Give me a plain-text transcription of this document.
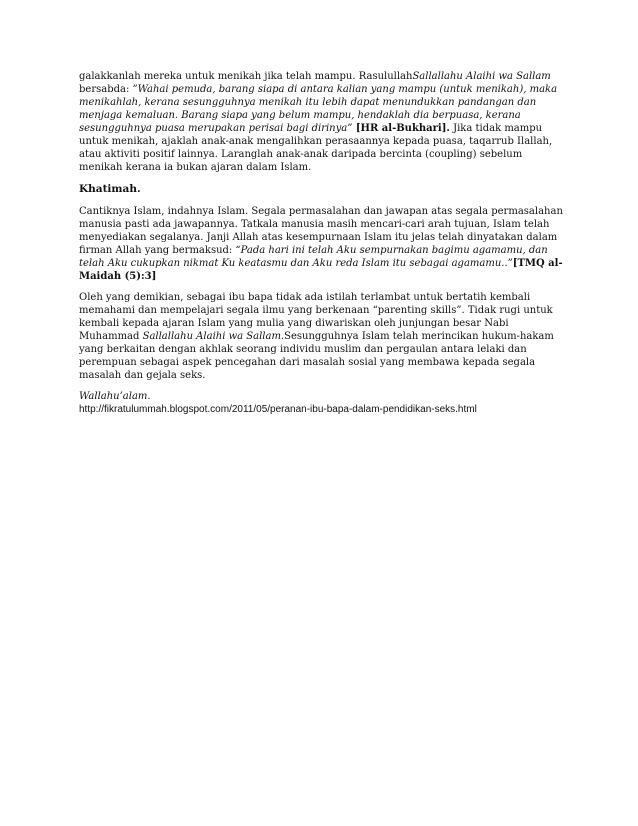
galakkanlah mereka untuk menikah jika telah mampu. RasulullahSallallahu Alaihi wa Sallam bersabda: ”Wahai pemuda, barang siapa di antara kalian yang mampu (untuk menikah), maka menikahlah, kerana sesungguhnya menikah itu lebih dapat menundukkan pandangan dan menjaga kemaluan. Barang siapa yang belum mampu, hendaklah dia berpuasa, kerana sesungguhnya puasa merupakan perisai bagi dirinya” [HR al-Bukhari]. Jika tidak mampu untuk menikah, ajaklah anak-anak mengalihkan perasaannya kepada puasa, taqarrub Ilallah, atau aktiviti positif lainnya. Laranglah anak-anak daripada bercinta (coupling) sebelum menikah kerana ia bukan ajaran dalam Islam.

Khatimah.

Cantiknya Islam, indahnya Islam. Segala permasalahan dan jawapan atas segala permasalahan manusia pasti ada jawapannya. Tatkala manusia masih mencari-cari arah tujuan, Islam telah menyediakan segalanya. Janji Allah atas kesempurnaan Islam itu jelas telah dinyatakan dalam firman Allah yang bermaksud: “Pada hari ini telah Aku sempurnakan bagimu agamamu, dan telah Aku cukupkan nikmat Ku keatasmu dan Aku reda Islam itu sebagai agamamu..”[TMQ al-Maidah (5):3]

Oleh yang demikian, sebagai ibu bapa tidak ada istilah terlambat untuk bertatih kembali memahami dan mempelajari segala ilmu yang berkenaan “parenting skills”. Tidak rugi untuk kembali kepada ajaran Islam yang mulia yang diwariskan oleh junjungan besar Nabi Muhammad Sallallahu Alaihi wa Sallam.Sesungguhnya Islam telah merincikan hukum-hakam yang berkaitan dengan akhlak seorang individu muslim dan pergaulan antara lelaki dan perempuan sebagai aspek pencegahan dari masalah sosial yang membawa kepada segala masalah dan gejala seks.

Wallahu’alam.

http://fikratulummah.blogspot.com/2011/05/peranan-ibu-bapa-dalam-pendidikan-seks.html
